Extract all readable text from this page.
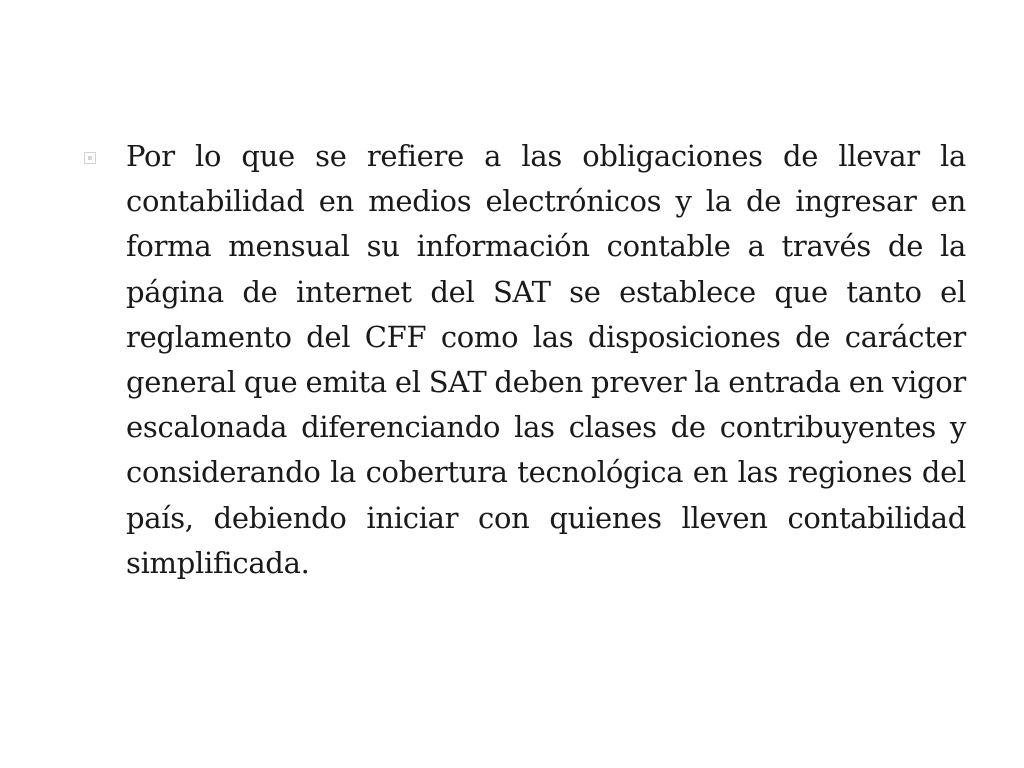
Por lo que se refiere a las obligaciones de llevar la contabilidad en medios electrónicos y la de ingresar en forma mensual su información contable a través de la página de internet del SAT se establece que tanto el reglamento del CFF como las disposiciones de carácter general que emita el SAT deben prever la entrada en vigor escalonada diferenciando las clases de contribuyentes y considerando la cobertura tecnológica en las regiones del país, debiendo iniciar con quienes lleven contabilidad simplificada.
